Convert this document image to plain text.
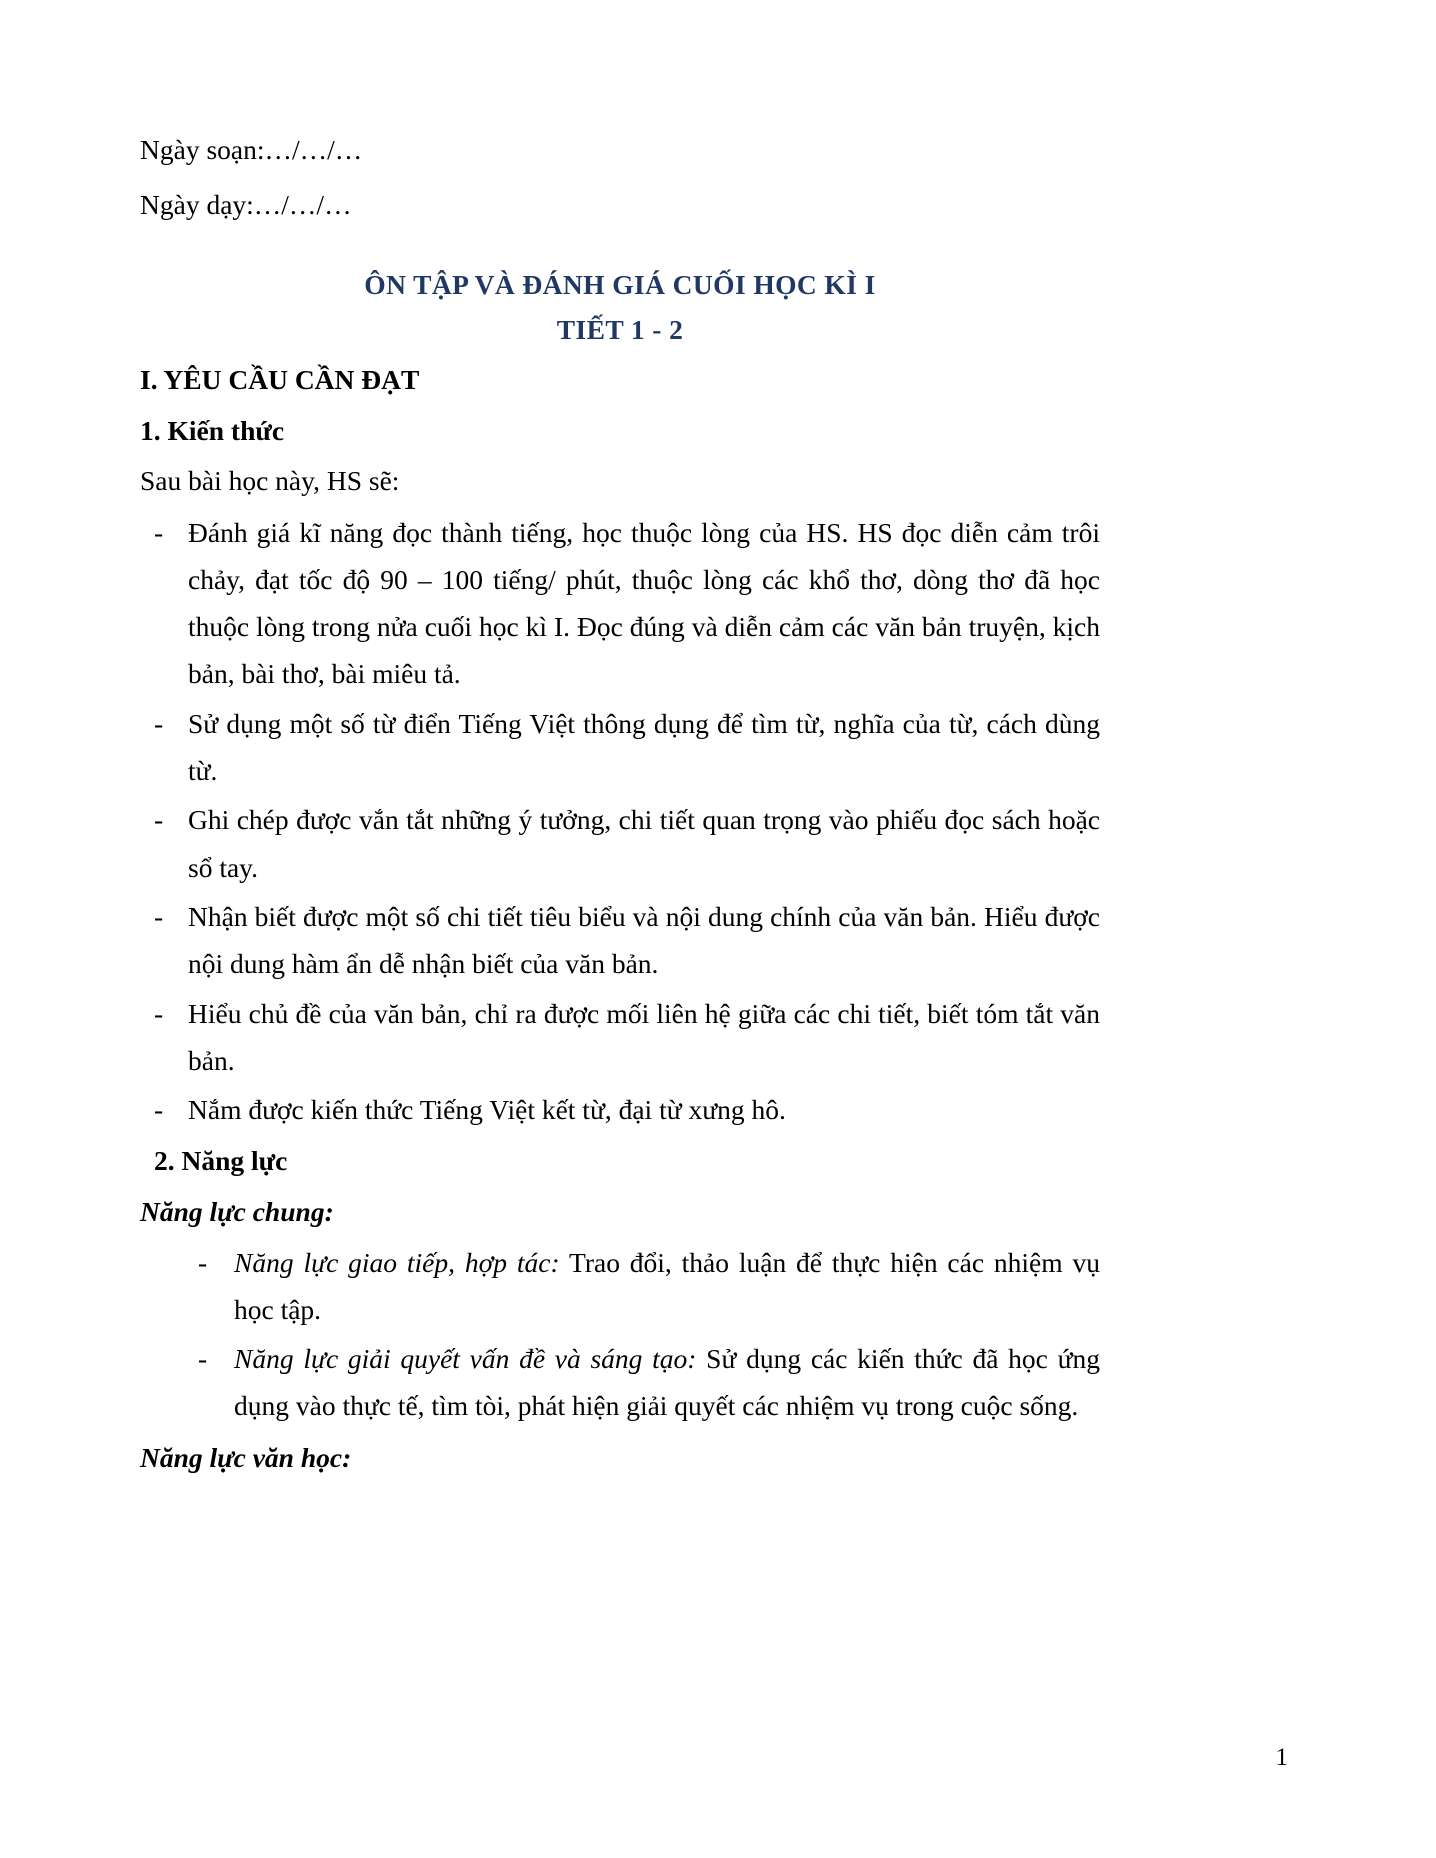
Ngày soạn:…/…/…

Ngày dạy:…/…/…

ÔN TẬP VÀ ĐÁNH GIÁ CUỐI HỌC KÌ I
TIẾT 1 - 2
I. YÊU CẦU CẦN ĐẠT
1. Kiến thức

Sau bài học này, HS sẽ:

- Đánh giá kĩ năng đọc thành tiếng, học thuộc lòng của HS. HS đọc diễn cảm trôi chảy, đạt tốc độ 90 – 100 tiếng/ phút, thuộc lòng các khổ thơ, dòng thơ đã học thuộc lòng trong nửa cuối học kì I. Đọc đúng và diễn cảm các văn bản truyện, kịch bản, bài thơ, bài miêu tả.
- Sử dụng một số từ điển Tiếng Việt thông dụng để tìm từ, nghĩa của từ, cách dùng từ.
- Ghi chép được vắn tắt những ý tưởng, chi tiết quan trọng vào phiếu đọc sách hoặc sổ tay.
- Nhận biết được một số chi tiết tiêu biểu và nội dung chính của văn bản. Hiểu được nội dung hàm ẩn dễ nhận biết của văn bản.
- Hiểu chủ đề của văn bản, chỉ ra được mối liên hệ giữa các chi tiết, biết tóm tắt văn bản.
- Nắm được kiến thức Tiếng Việt kết từ, đại từ xưng hô.
2. Năng lực
Năng lực chung:
- Năng lực giao tiếp, hợp tác: Trao đổi, thảo luận để thực hiện các nhiệm vụ học tập.
- Năng lực giải quyết vấn đề và sáng tạo: Sử dụng các kiến thức đã học ứng dụng vào thực tế, tìm tòi, phát hiện giải quyết các nhiệm vụ trong cuộc sống.
Năng lực văn học:
1
